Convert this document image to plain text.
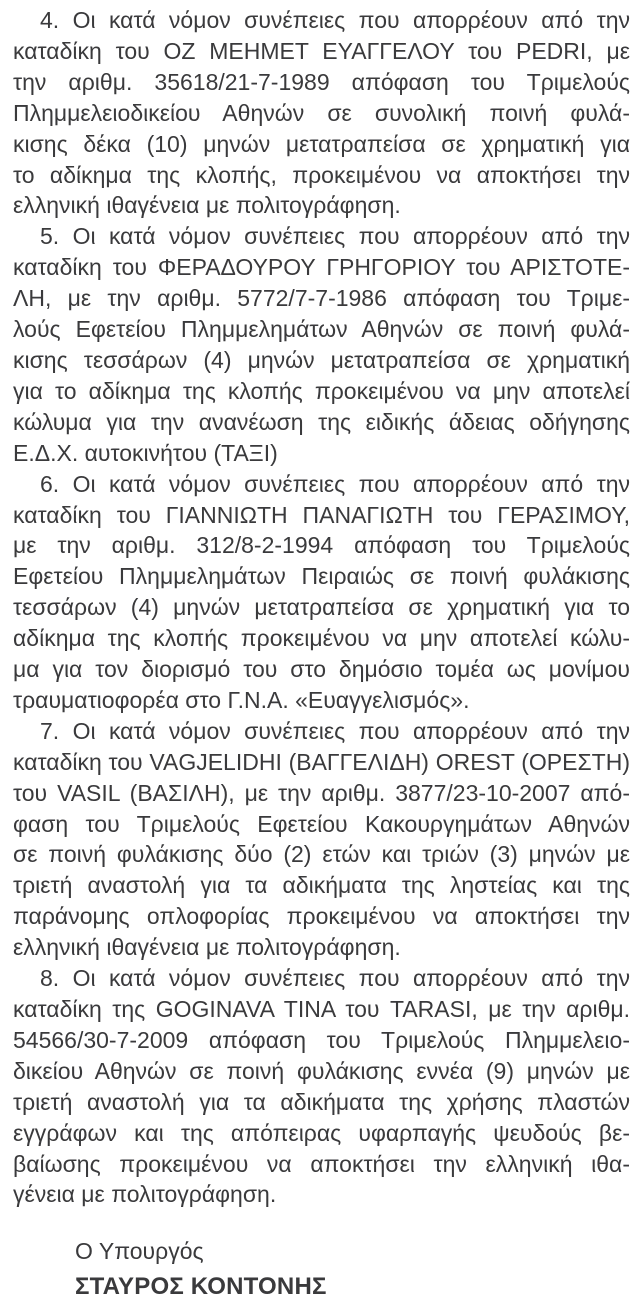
4. Οι κατά νόμον συνέπειες που απορρέουν από την
καταδίκη του ΟΖ ΜΕΗΜΕΤ ΕΥΑΓΓΕΛΟΥ του PEDRI, με
την αριθμ. 35618/21-7-1989 απόφαση του Τριμελούς
Πλημμελειοδικείου Αθηνών σε συνολική ποινή φυλά-
κισης δέκα (10) μηνών μετατραπείσα σε χρηματική για
το αδίκημα της κλοπής, προκειμένου να αποκτήσει την
ελληνική ιθαγένεια με πολιτογράφηση.

5. Οι κατά νόμον συνέπειες που απορρέουν από την
καταδίκη του ΦΕΡΑΔΟΥΡΟΥ ΓΡΗΓΟΡΙΟΥ του ΑΡΙΣΤΟΤΕ-
ΛΗ, με την αριθμ. 5772/7-7-1986 απόφαση του Τριμε-
λούς Εφετείου Πλημμελημάτων Αθηνών σε ποινή φυλά-
κισης τεσσάρων (4) μηνών μετατραπείσα σε χρηματική
για το αδίκημα της κλοπής προκειμένου να μην αποτελεί
κώλυμα για την ανανέωση της ειδικής άδειας οδήγησης
Ε.Δ.Χ. αυτοκινήτου (ΤΑΞΙ)

6. Οι κατά νόμον συνέπειες που απορρέουν από την
καταδίκη του ΓΙΑΝΝΙΩΤΗ ΠΑΝΑΓΙΩΤΗ του ΓΕΡΑΣΙΜΟΥ,
με την αριθμ. 312/8-2-1994 απόφαση του Τριμελούς
Εφετείου Πλημμελημάτων Πειραιώς σε ποινή φυλάκισης
τεσσάρων (4) μηνών μετατραπείσα σε χρηματική για το
αδίκημα της κλοπής προκειμένου να μην αποτελεί κώλυ-
μα για τον διορισμό του στο δημόσιο τομέα ως μονίμου
τραυματιοφορέα στο Γ.Ν.Α. «Ευαγγελισμός».

7. Οι κατά νόμον συνέπειες που απορρέουν από την
καταδίκη του VAGJELIDHI (ΒΑΓΓΕΛΙΔΗ) OREST (ΟΡΕΣΤΗ)
του VASIL (ΒΑΣΙΛΗ), με την αριθμ. 3877/23-10-2007 από-
φαση του Τριμελούς Εφετείου Κακουργημάτων Αθηνών
σε ποινή φυλάκισης δύο (2) ετών και τριών (3) μηνών με
τριετή αναστολή για τα αδικήματα της ληστείας και της
παράνομης οπλοφορίας προκειμένου να αποκτήσει την
ελληνική ιθαγένεια με πολιτογράφηση.

8. Οι κατά νόμον συνέπειες που απορρέουν από την
καταδίκη της GOGINAVA TINA του TARASI, με την αριθμ.
54566/30-7-2009 απόφαση του Τριμελούς Πλημμελειο-
δικείου Αθηνών σε ποινή φυλάκισης εννέα (9) μηνών με
τριετή αναστολή για τα αδικήματα της χρήσης πλαστών
εγγράφων και της απόπειρας υφαρπαγής ψευδούς βε-
βαίωσης προκειμένου να αποκτήσει την ελληνική ιθα-
γένεια με πολιτογράφηση.

Ο Υπουργός
ΣΤΑΥΡΟΣ ΚΟΝΤΟΝΗΣ
